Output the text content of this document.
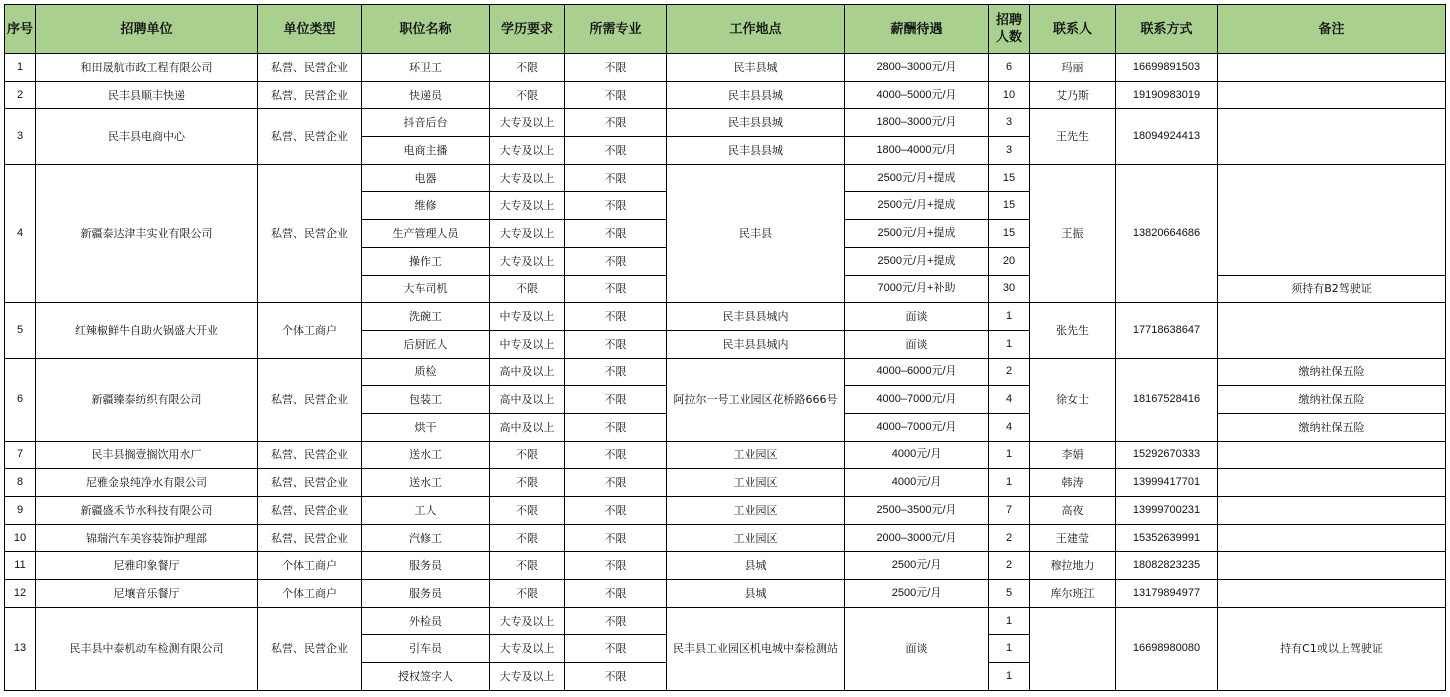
序号	招聘单位	单位类型	职位名称	学历要求	所需专业	工作地点	薪酬待遇	招聘人数	联系人	联系方式	备注
1	和田晟航市政工程有限公司	私营、民营企业	环卫工	不限	不限	民丰县城	2800–3000元/月	6	玛丽	16699891503	
2	民丰县顺丰快递	私营、民营企业	快递员	不限	不限	民丰县县城	4000–5000元/月	10	艾乃斯	19190983019	
3	民丰县电商中心	私营、民营企业	抖音后台	大专及以上	不限	民丰县县城	1800–3000元/月	3	王先生	18094924413	
			电商主播	大专及以上	不限	民丰县县城	1800–4000元/月	3			
4	新疆泰达津丰实业有限公司	私营、民营企业	电器	大专及以上	不限	民丰县	2500元/月+提成	15	王振	13820664686	
			维修	大专及以上	不限		2500元/月+提成	15			
			生产管理人员	大专及以上	不限		2500元/月+提成	15			
			操作工	大专及以上	不限		2500元/月+提成	20			
			大车司机	不限	不限		7000元/月+补助	30			须持有B2驾驶证
5	红辣椒鲜牛自助火锅盛大开业	个体工商户	洗碗工	中专及以上	不限	民丰县县城内	面谈	1	张先生	17718638647	
			后厨匠人	中专及以上	不限	民丰县县城内	面谈	1			
6	新疆臻泰纺织有限公司	私营、民营企业	质检	高中及以上	不限	阿拉尔一号工业园区花桥路666号	4000–6000元/月	2	徐女士	18167528416	缴纳社保五险
			包装工	高中及以上	不限		4000–7000元/月	4			缴纳社保五险
			烘干	高中及以上	不限		4000–7000元/月	4			缴纳社保五险
7	民丰县搁壹搁饮用水厂	私营、民营企业	送水工	不限	不限	工业园区	4000元/月	1	李娟	15292670333	
8	尼雅金泉纯净水有限公司	私营、民营企业	送水工	不限	不限	工业园区	4000元/月	1	韩涛	13999417701	
9	新疆盛禾节水科技有限公司	私营、民营企业	工人	不限	不限	工业园区	2500–3500元/月	7	高夜	13999700231	
10	锦瑞汽车美容装饰护理部	私营、民营企业	汽修工	不限	不限	工业园区	2000–3000元/月	2	王建莹	15352639991	
11	尼雅印象餐厅	个体工商户	服务员	不限	不限	县城	2500元/月	2	穆拉地力	18082823235	
12	尼壤音乐餐厅	个体工商户	服务员	不限	不限	县城	2500元/月	5	库尔班江	13179894977	
13	民丰县中泰机动车检测有限公司	私营、民营企业	外检员	大专及以上	不限	民丰县工业园区机电城中泰检测站	面谈	1		16698980080	持有C1或以上驾驶证
			引车员	大专及以上	不限			1			
			授权签字人	大专及以上	不限			1			
